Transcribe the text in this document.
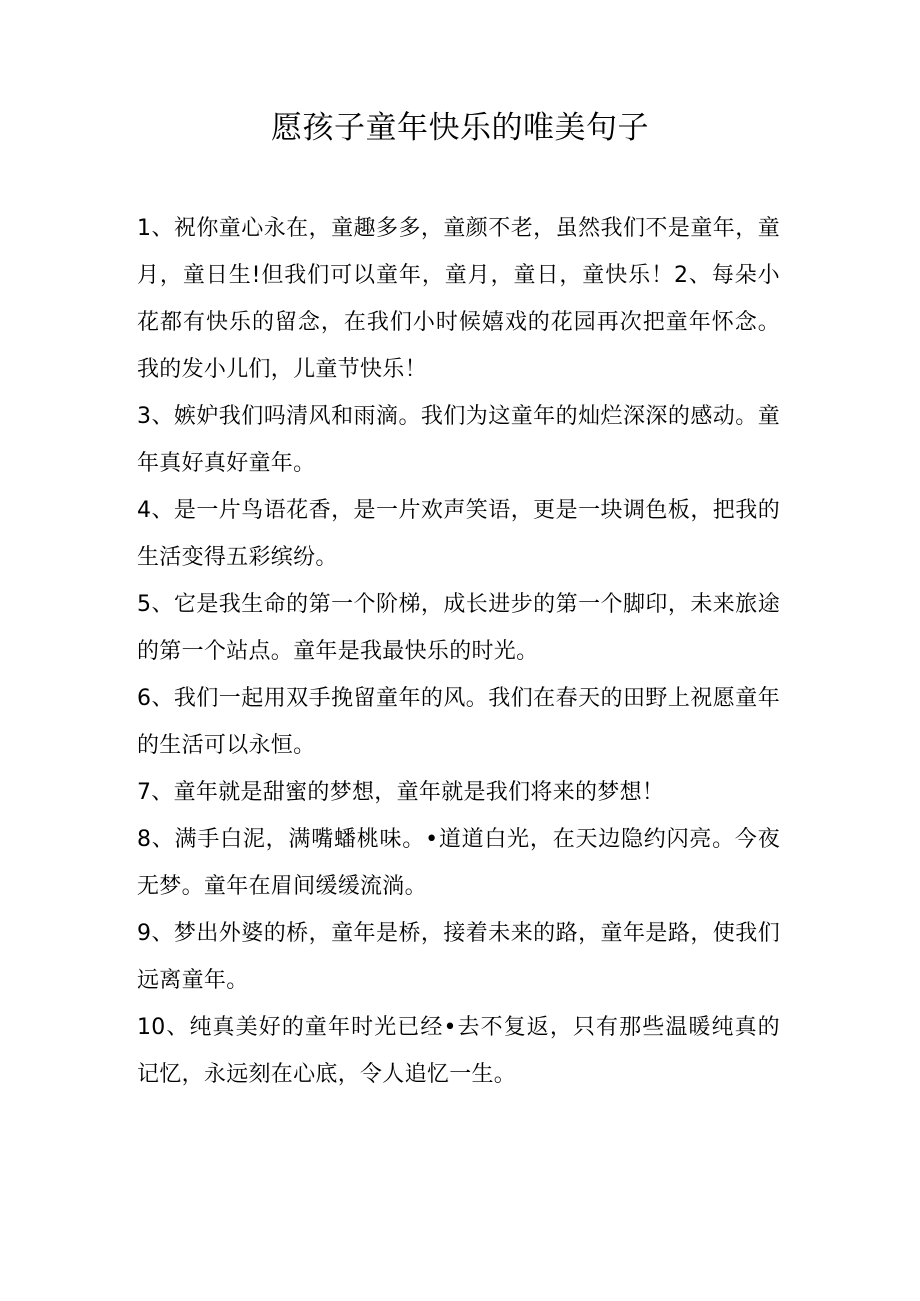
愿孩子童年快乐的唯美句子

1、祝你童心永在，童趣多多，童颜不老，虽然我们不是童年，童月，童日生!但我们可以童年，童月，童日，童快乐！2、每朵小花都有快乐的留念，在我们小时候嬉戏的花园再次把童年怀念。我的发小儿们，儿童节快乐！

3、嫉妒我们吗清风和雨滴。我们为这童年的灿烂深深的感动。童年真好真好童年。

4、是一片鸟语花香，是一片欢声笑语，更是一块调色板，把我的生活变得五彩缤纷。

5、它是我生命的第一个阶梯，成长进步的第一个脚印，未来旅途的第一个站点。童年是我最快乐的时光。

6、我们一起用双手挽留童年的风。我们在春天的田野上祝愿童年的生活可以永恒。

7、童年就是甜蜜的梦想，童年就是我们将来的梦想！

8、满手白泥，满嘴蟠桃味。•道道白光，在天边隐约闪亮。今夜无梦。童年在眉间缓缓流淌。

9、梦出外婆的桥，童年是桥，接着未来的路，童年是路，使我们远离童年。

10、纯真美好的童年时光已经•去不复返，只有那些温暖纯真的记忆，永远刻在心底，令人追忆一生。
